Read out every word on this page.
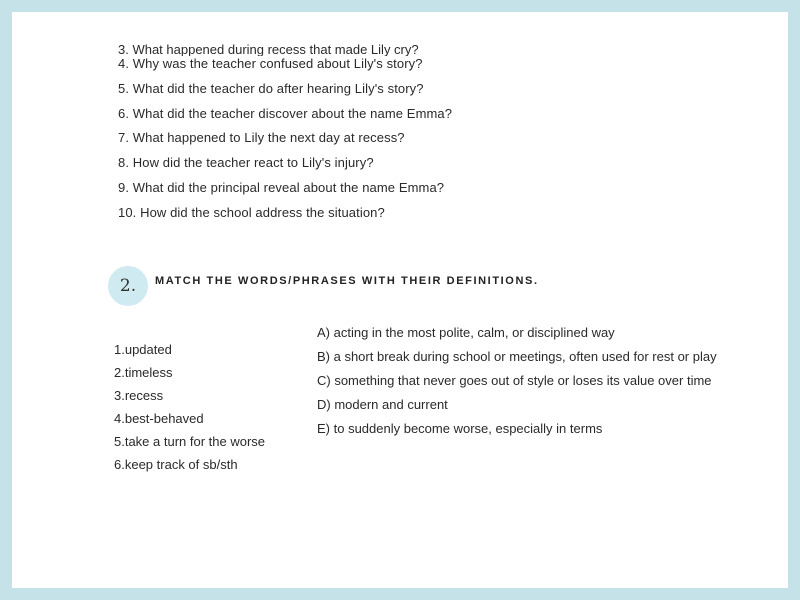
3. What happened during recess that made Lily cry?
4. Why was the teacher confused about Lily's story?
5. What did the teacher do after hearing Lily's story?
6. What did the teacher discover about the name Emma?
7. What happened to Lily the next day at recess?
8. How did the teacher react to Lily's injury?
9. What did the principal reveal about the name Emma?
10. How did the school address the situation?
2. MATCH THE WORDS/PHRASES WITH THEIR DEFINITIONS.
1.updated
2.timeless
3.recess
4.best-behaved
5.take a turn for the worse
6.keep track of sb/sth
A) acting in the most polite, calm, or disciplined way
B) a short break during school or meetings, often used for rest or play
C) something that never goes out of style or loses its value over time
D) modern and current
E) to suddenly become worse, especially in terms
